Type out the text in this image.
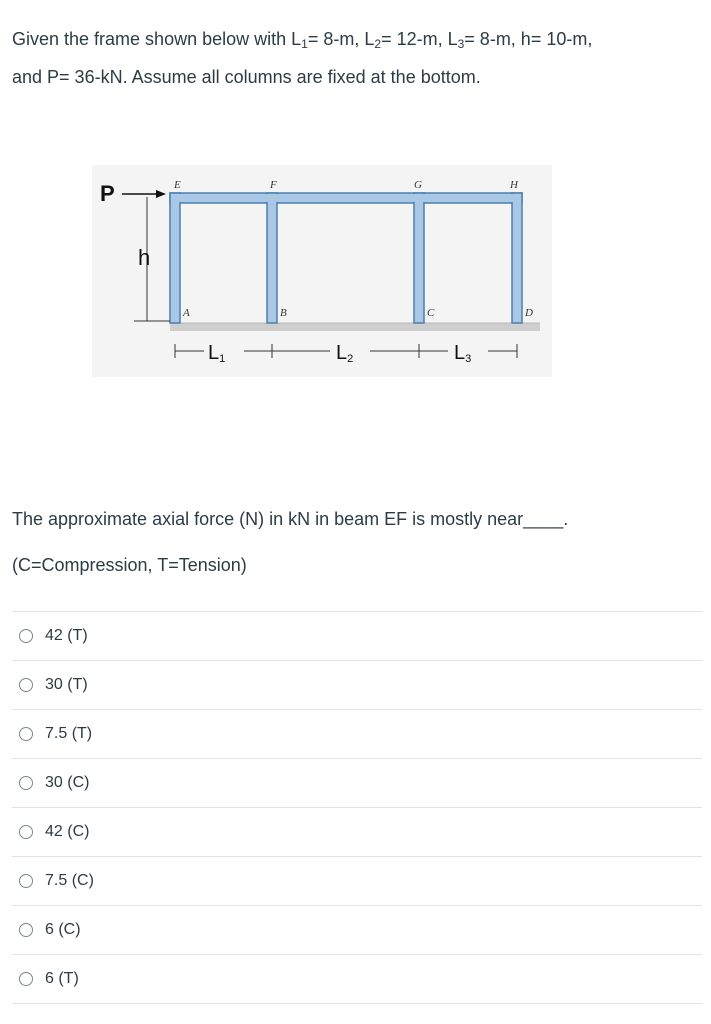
Given the frame shown below with $L_1= 8-m$, $L_2= 12-m$, $L_3= 8-m$, h= 10-m,
and P= 36-kN. Assume all columns are fixed at the bottom.

P
h
E	F	G	H
A	B	C	D
L1	L2	L3

The approximate axial force (N) in kN in beam EF is mostly near____.

(C=Compression, T=Tension)

42 (T)
30 (T)
7.5 (T)
30 (C)
42 (C)
7.5 (C)
6 (C)
6 (T)
